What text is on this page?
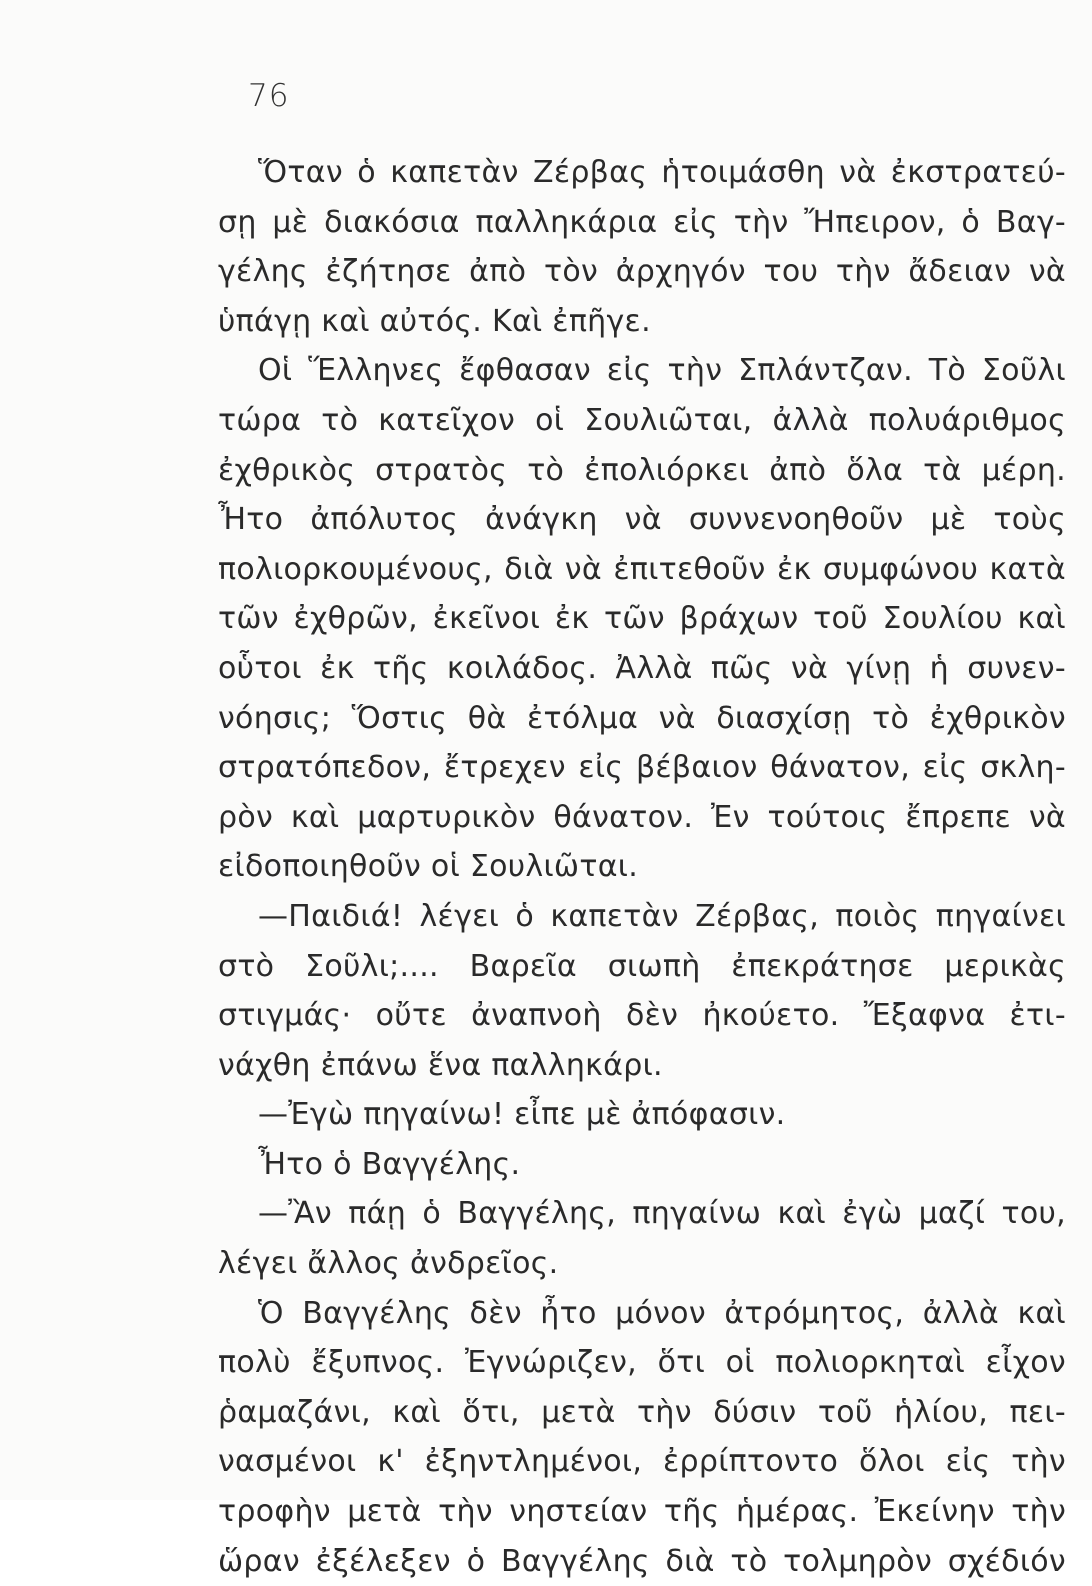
76
Ὅταν ὁ καπετὰν Ζέρβας ἡτοιμάσθη νὰ ἐκστρατεύ-
σῃ μὲ διακόσια παλληκάρια εἰς τὴν Ἤπειρον, ὁ Βαγ-
γέλης ἐζήτησε ἀπὸ τὸν ἀρχηγόν του τὴν ἄδειαν νὰ
ὑπάγῃ καὶ αὐτός. Καὶ ἐπῆγε.
Οἱ Ἕλληνες ἔφθασαν εἰς τὴν Σπλάντζαν. Τὸ Σοῦλι
τώρα τὸ κατεῖχον οἱ Σουλιῶται, ἀλλὰ πολυάριθμος
ἐχθρικὸς στρατὸς τὸ ἐπολιόρκει ἀπὸ ὅλα τὰ μέρη.
Ἦτο ἀπόλυτος ἀνάγκη νὰ συννενοηθοῦν μὲ τοὺς
πολιορκουμένους, διὰ νὰ ἐπιτεθοῦν ἐκ συμφώνου κατὰ
τῶν ἐχθρῶν, ἐκεῖνοι ἐκ τῶν βράχων τοῦ Σουλίου καὶ
οὗτοι ἐκ τῆς κοιλάδος. Ἀλλὰ πῶς νὰ γίνῃ ἡ συνεν-
νόησις; Ὅστις θὰ ἐτόλμα νὰ διασχίσῃ τὸ ἐχθρικὸν
στρατόπεδον, ἔτρεχεν εἰς βέβαιον θάνατον, εἰς σκλη-
ρὸν καὶ μαρτυρικὸν θάνατον. Ἐν τούτοις ἔπρεπε νὰ
εἰδοποιηθοῦν οἱ Σουλιῶται.
—Παιδιά! λέγει ὁ καπετὰν Ζέρβας, ποιὸς πηγαίνει
στὸ Σοῦλι;.... Βαρεῖα σιωπὴ ἐπεκράτησε μερικὰς
στιγμάς· οὔτε ἀναπνοὴ δὲν ἠκούετο. Ἔξαφνα ἐτι-
νάχθη ἐπάνω ἕνα παλληκάρι.
—Ἐγὼ πηγαίνω! εἶπε μὲ ἀπόφασιν.
Ἦτο ὁ Βαγγέλης.
—Ἂν πάῃ ὁ Βαγγέλης, πηγαίνω καὶ ἐγὼ μαζί του,
λέγει ἄλλος ἀνδρεῖος.
Ὁ Βαγγέλης δὲν ἦτο μόνον ἀτρόμητος, ἀλλὰ καὶ
πολὺ ἔξυπνος. Ἐγνώριζεν, ὅτι οἱ πολιορκηταὶ εἶχον
ῥαμαζάνι, καὶ ὅτι, μετὰ τὴν δύσιν τοῦ ἡλίου, πει-
νασμένοι κ' ἐξηντλημένοι, ἐρρίπτοντο ὅλοι εἰς τὴν
τροφὴν μετὰ τὴν νηστείαν τῆς ἡμέρας. Ἐκείνην τὴν
ὥραν ἐξέλεξεν ὁ Βαγγέλης διὰ τὸ τολμηρὸν σχέδιόν
